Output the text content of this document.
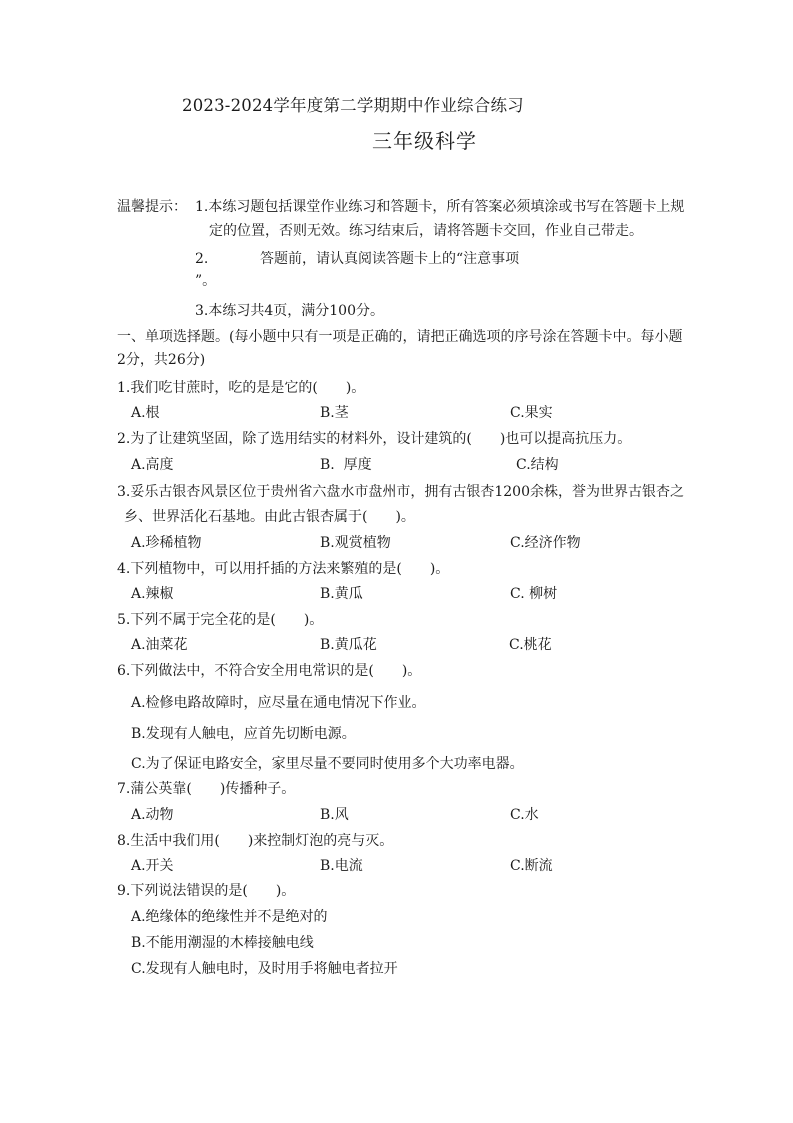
2023-2024学年度第二学期期中作业综合练习
三年级科学
温馨提示： 1.本练习题包括课堂作业练习和答题卡，所有答案必须填涂或书写在答题卡上规
定的位置，否则无效。练习结束后，请将答题卡交回，作业自己带走。
2.	答题前，请认真阅读答题卡上的“注意事项
”。
3.本练习共4页，满分100分。
一、单项选择题。(每小题中只有一项是正确的，请把正确选项的序号涂在答题卡中。每小题
2分，共26分)
1.我们吃甘蔗时，吃的是是它的(　　)。
A.根	B.茎	C.果实
2.为了让建筑坚固，除了选用结实的材料外，设计建筑的(　　)也可以提高抗压力。
A.高度	B.  厚度	C.结构
3.妥乐古银杏风景区位于贵州省六盘水市盘州市，拥有古银杏1200余株，誉为世界古银杏之
乡、世界活化石基地。由此古银杏属于(　　)。
A.珍稀植物	B.观赏植物	C.经济作物
4.下列植物中，可以用扦插的方法来繁殖的是(　　)。
A.辣椒	B.黄瓜	C. 柳树
5.下列不属于完全花的是(　　)。
A.油菜花	B.黄瓜花	C.桃花
6.下列做法中，不符合安全用电常识的是(　　)。
A.检修电路故障时，应尽量在通电情况下作业。
B.发现有人触电，应首先切断电源。
C.为了保证电路安全，家里尽量不要同时使用多个大功率电器。
7.蒲公英靠(　　)传播种子。
A.动物	B.风	C.水
8.生活中我们用(　　)来控制灯泡的亮与灭。
A.开关	B.电流	C.断流
9.下列说法错误的是(　　)。
A.绝缘体的绝缘性并不是绝对的
B.不能用潮湿的木棒接触电线
C.发现有人触电时，及时用手将触电者拉开
